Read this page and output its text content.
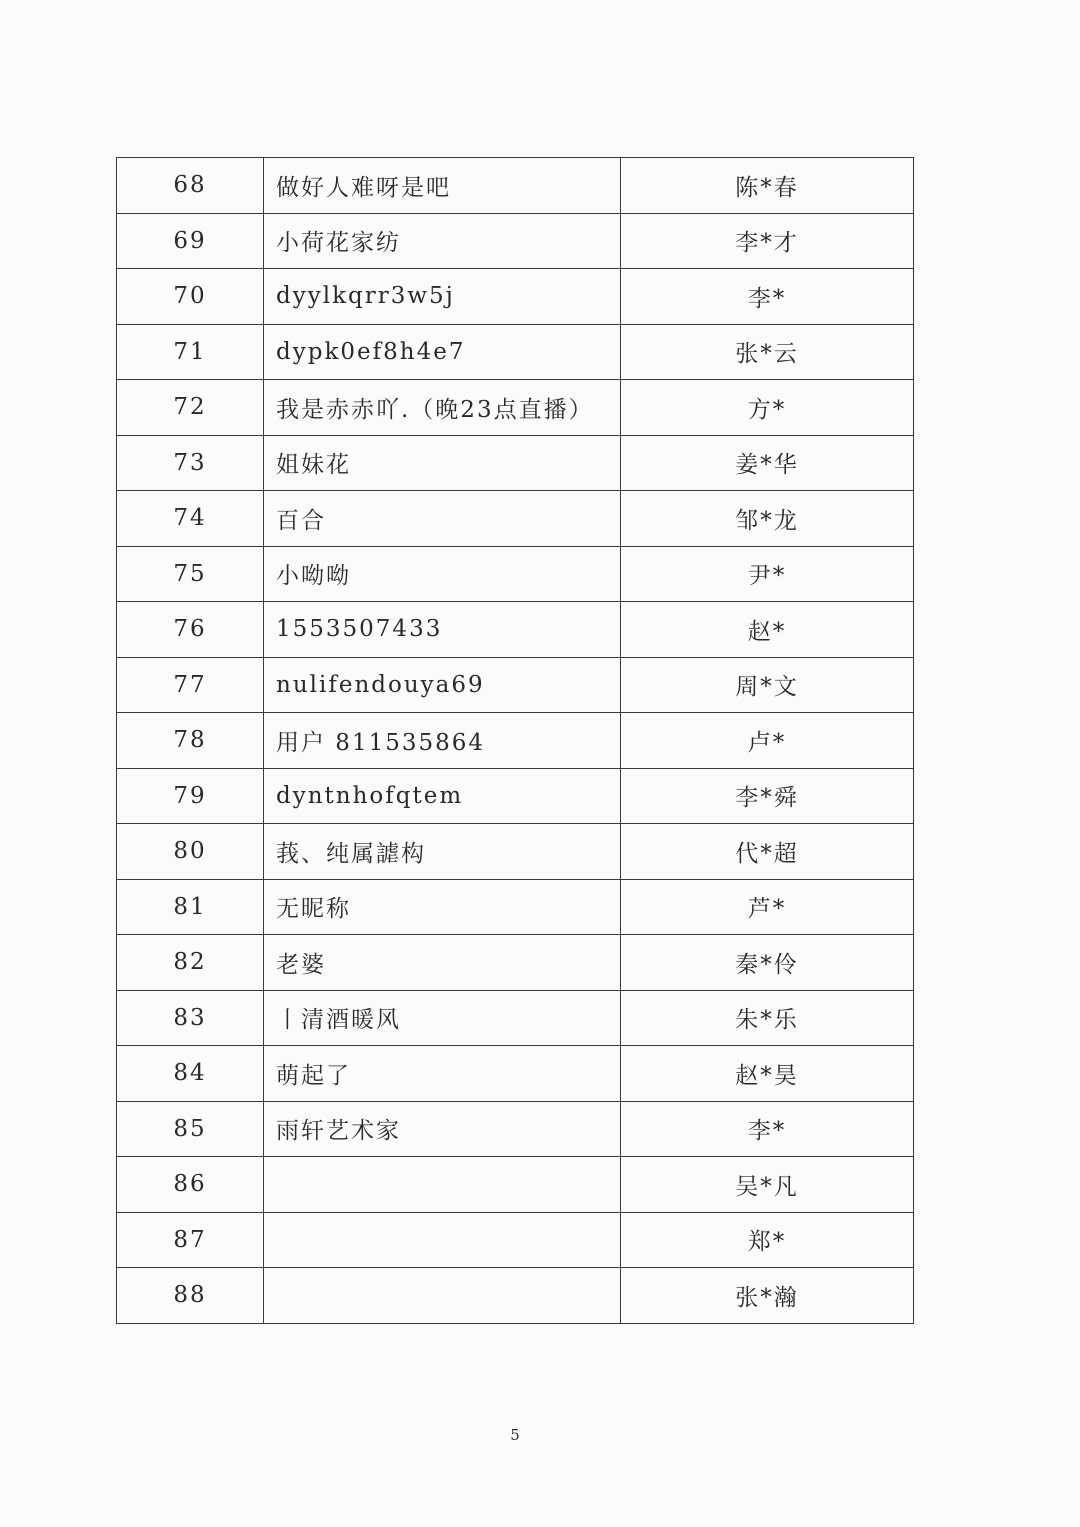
68	做好人难呀是吧	陈*春
69	小荷花家纺	李*才
70	dyylkqrr3w5j	李*
71	dypk0ef8h4e7	张*云
72	我是赤赤吖.（晚23点直播）	方*
73	姐妹花	姜*华
74	百合	邹*龙
75	小呦呦	尹*
76	1553507433	赵*
77	nulifendouya69	周*文
78	用户 811535864	卢*
79	dyntnhofqtem	李*舜
80	莪、纯属謔构	代*超
81	无昵称	芦*
82	老婆	秦*伶
83	丨清酒暖风	朱*乐
84	萌起了	赵*昊
85	雨轩艺术家	李*
86		吴*凡
87		郑*
88		张*瀚
5
